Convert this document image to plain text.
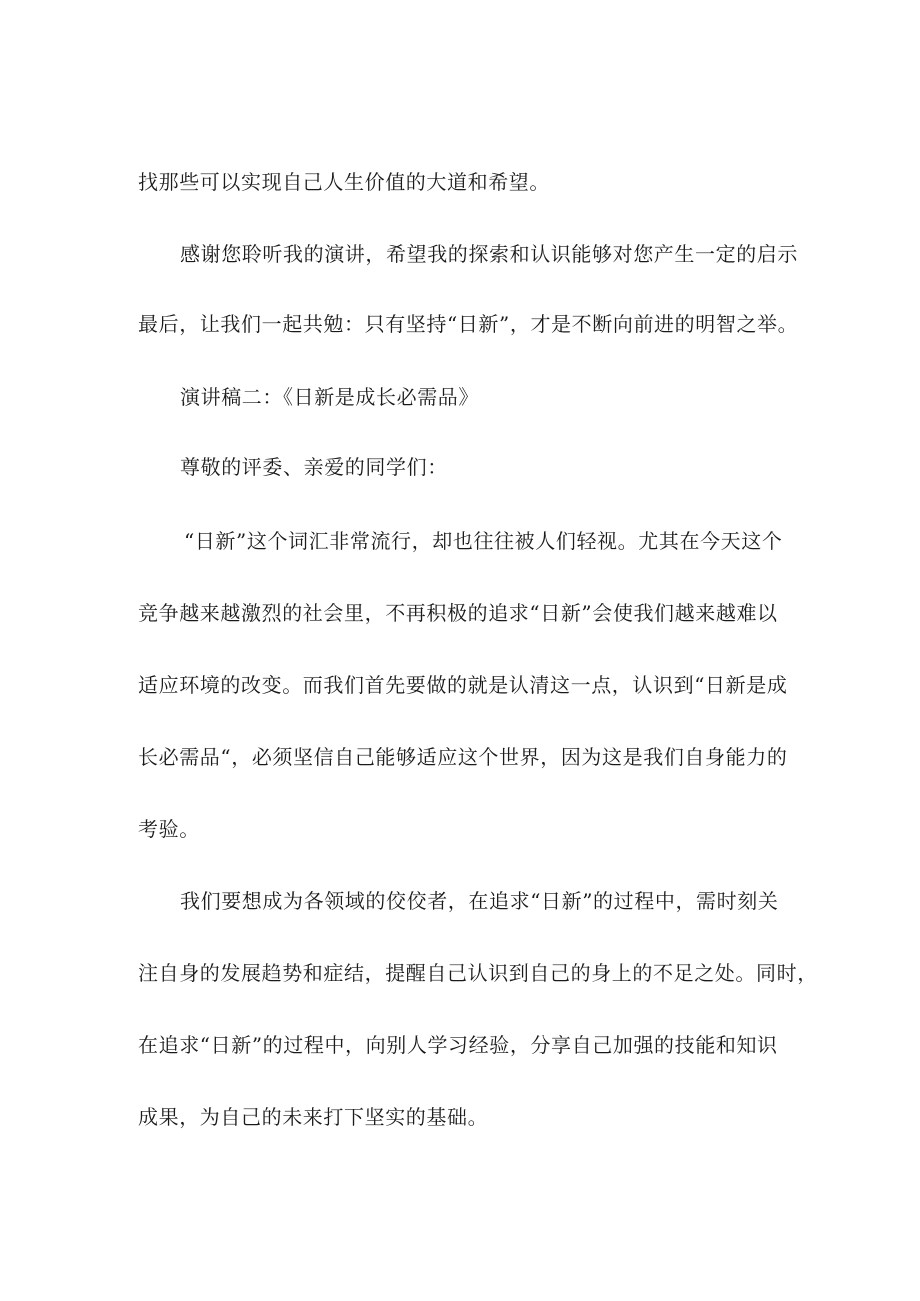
找那些可以实现自己人生价值的大道和希望。
感谢您聆听我的演讲，希望我的探索和认识能够对您产生一定的启示
最后，让我们一起共勉：只有坚持“日新”，才是不断向前进的明智之举。
演讲稿二：《日新是成长必需品》
尊敬的评委、亲爱的同学们：
“日新”这个词汇非常流行，却也往往被人们轻视。尤其在今天这个
竞争越来越激烈的社会里，不再积极的追求“日新”会使我们越来越难以
适应环境的改变。而我们首先要做的就是认清这一点，认识到“日新是成
长必需品“，必须坚信自己能够适应这个世界，因为这是我们自身能力的
考验。
我们要想成为各领域的佼佼者，在追求“日新”的过程中，需时刻关
注自身的发展趋势和症结，提醒自己认识到自己的身上的不足之处。同时，
在追求“日新”的过程中，向别人学习经验，分享自己加强的技能和知识
成果，为自己的未来打下坚实的基础。
